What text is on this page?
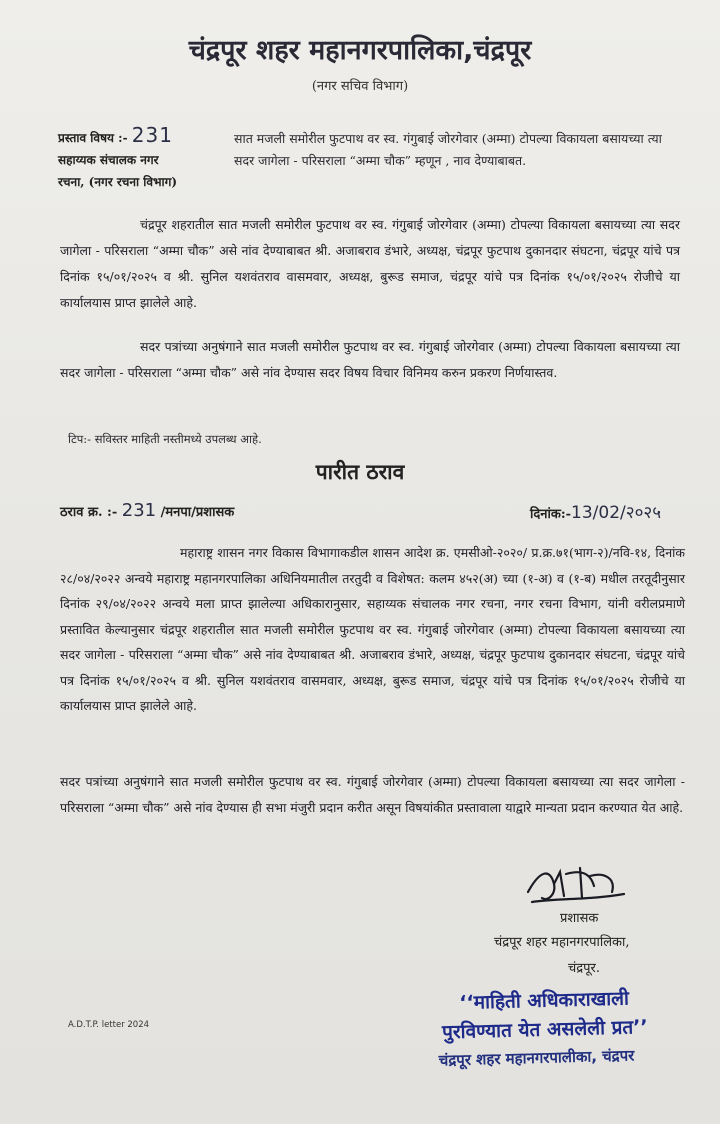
चंद्रपूर शहर महानगरपालिका,चंद्रपूर
(नगर सचिव विभाग)
प्रस्ताव विषय :- 231
सहाय्यक संचालक नगर
रचना, (नगर रचना विभाग)
सात मजली समोरील फुटपाथ वर स्व. गंगुबाई जोरगेवार (अम्मा) टोपल्या विकायला बसायच्या त्या सदर जागेला - परिसराला “अम्मा चौक” म्हणून , नाव देण्याबाबत.
चंद्रपूर शहरातील सात मजली समोरील फुटपाथ वर स्व. गंगुबाई जोरगेवार (अम्मा) टोपल्या विकायला बसायच्या त्या सदर जागेला - परिसराला “अम्मा चौक” असे नांव देण्याबाबत श्री. अजाबराव डंभारे, अध्यक्ष, चंद्रपूर फुटपाथ दुकानदार संघटना, चंद्रपूर यांचे पत्र दिनांक १५/०१/२०२५ व श्री. सुनिल यशवंतराव वासमवार, अध्यक्ष, बुरूड समाज, चंद्रपूर यांचे पत्र दिनांक १५/०१/२०२५ रोजीचे या कार्यालयास प्राप्त झालेले आहे.
सदर पत्रांच्या अनुषंगाने सात मजली समोरील फुटपाथ वर स्व. गंगुबाई जोरगेवार (अम्मा) टोपल्या विकायला बसायच्या त्या सदर जागेला - परिसराला “अम्मा चौक” असे नांव देण्यास सदर विषय विचार विनिमय करुन प्रकरण निर्णयास्तव.
टिप:- सविस्तर माहिती नस्तीमध्ये उपलब्ध आहे.
पारीत ठराव
ठराव क्र. :- 231 /मनपा/प्रशासक	दिनांक:-13/02/२०२५
महाराष्ट्र शासन नगर विकास विभागाकडील शासन आदेश क्र. एमसीओ-२०२०/ प्र.क्र.७१(भाग-२)/नवि-१४, दिनांक २८/०४/२०२२ अन्वये महाराष्ट्र महानगरपालिका अधिनियमातील तरतुदी व विशेषत: कलम ४५२(अ) च्या (१-अ) व (१-ब) मधील तरतूदीनुसार दिनांक २९/०४/२०२२ अन्वये मला प्राप्त झालेल्या अधिकारानुसार, सहाय्यक संचालक नगर रचना, नगर रचना विभाग, यांनी वरीलप्रमाणे प्रस्तावित केल्यानुसार चंद्रपूर शहरातील सात मजली समोरील फुटपाथ वर स्व. गंगुबाई जोरगेवार (अम्मा) टोपल्या विकायला बसायच्या त्या सदर जागेला - परिसराला “अम्मा चौक” असे नांव देण्याबाबत श्री. अजाबराव डंभारे, अध्यक्ष, चंद्रपूर फुटपाथ दुकानदार संघटना, चंद्रपूर यांचे पत्र दिनांक १५/०१/२०२५ व श्री. सुनिल यशवंतराव वासमवार, अध्यक्ष, बुरूड समाज, चंद्रपूर यांचे पत्र दिनांक १५/०१/२०२५ रोजीचे या कार्यालयास प्राप्त झालेले आहे.
सदर पत्रांच्या अनुषंगाने सात मजली समोरील फुटपाथ वर स्व. गंगुबाई जोरगेवार (अम्मा) टोपल्या विकायला बसायच्या त्या सदर जागेला - परिसराला “अम्मा चौक” असे नांव देण्यास ही सभा मंजुरी प्रदान करीत असून विषयांकीत प्रस्तावाला याद्वारे मान्यता प्रदान करण्यात येत आहे.
प्रशासक
चंद्रपूर शहर महानगरपालिका,
चंद्रपूर.
A.D.T.P. letter 2024
‘‘माहिती अधिकाराखाली
पुरविण्यात येत असलेली प्रत’’
चंद्रपूर शहर महानगरपालीका, चंद्रपर
